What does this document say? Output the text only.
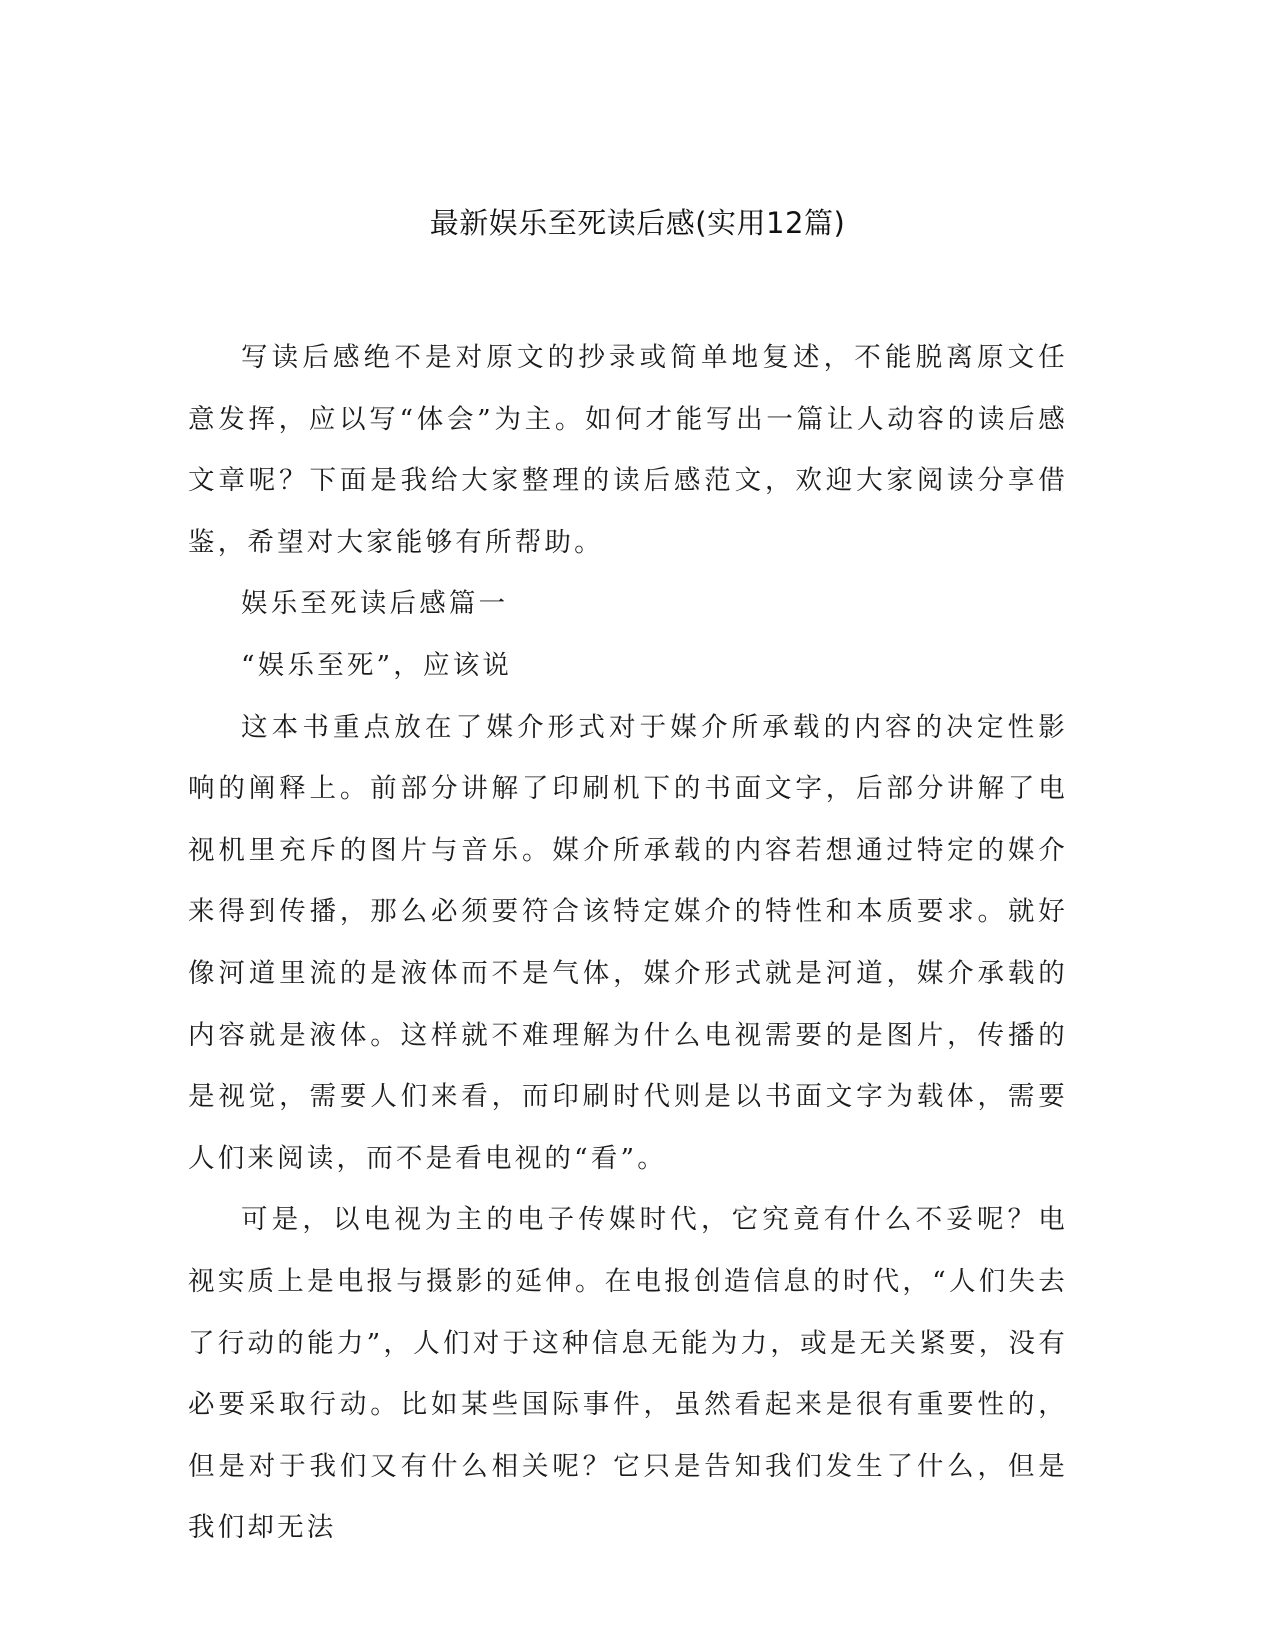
最新娱乐至死读后感(实用12篇)

写读后感绝不是对原文的抄录或简单地复述，不能脱离原文任意发挥，应以写“体会”为主。如何才能写出一篇让人动容的读后感文章呢？下面是我给大家整理的读后感范文，欢迎大家阅读分享借鉴，希望对大家能够有所帮助。

娱乐至死读后感篇一

“娱乐至死”，应该说

这本书重点放在了媒介形式对于媒介所承载的内容的决定性影响的阐释上。前部分讲解了印刷机下的书面文字，后部分讲解了电视机里充斥的图片与音乐。媒介所承载的内容若想通过特定的媒介来得到传播，那么必须要符合该特定媒介的特性和本质要求。就好像河道里流的是液体而不是气体，媒介形式就是河道，媒介承载的内容就是液体。这样就不难理解为什么电视需要的是图片，传播的是视觉，需要人们来看，而印刷时代则是以书面文字为载体，需要人们来阅读，而不是看电视的“看”。

可是，以电视为主的电子传媒时代，它究竟有什么不妥呢？电视实质上是电报与摄影的延伸。在电报创造信息的时代，“人们失去了行动的能力”，人们对于这种信息无能为力，或是无关紧要，没有必要采取行动。比如某些国际事件，虽然看起来是很有重要性的，但是对于我们又有什么相关呢？它只是告知我们发生了什么，但是我们却无法
